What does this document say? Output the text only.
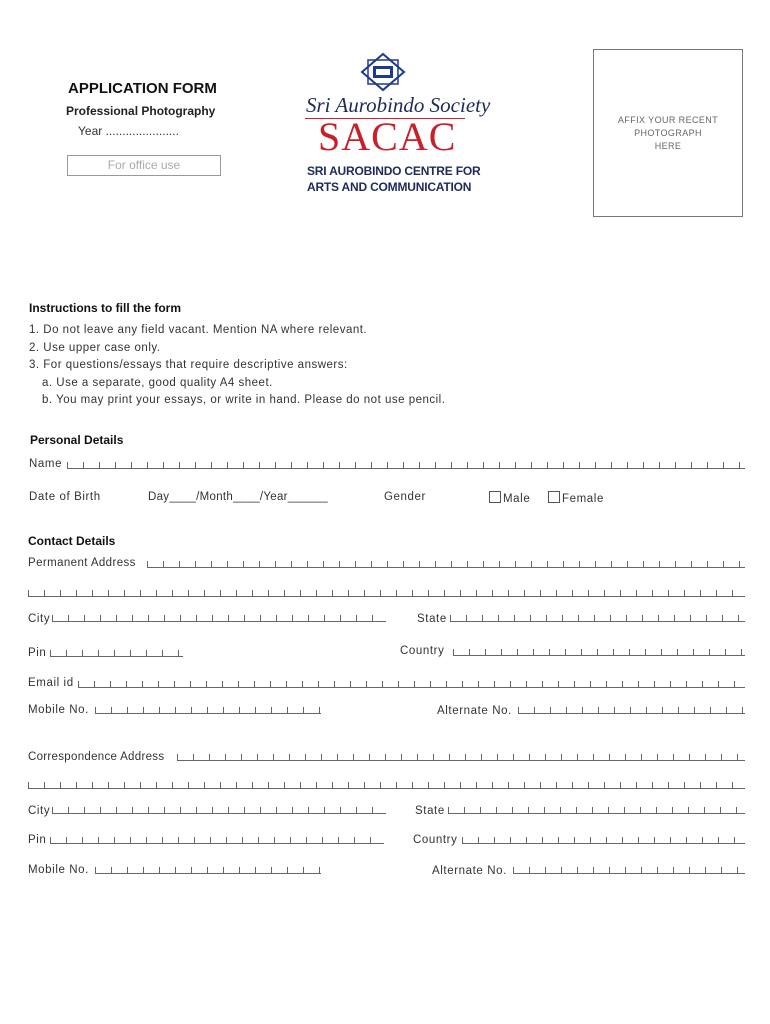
APPLICATION FORM
Professional Photography
Year ......................
For office use
Sri Aurobindo Society
SACAC
SRI AUROBINDO CENTRE FOR
ARTS AND COMMUNICATION
AFFIX YOUR RECENT
PHOTOGRAPH
HERE
Instructions to fill the form
1. Do not leave any field vacant. Mention NA where relevant.
2. Use upper case only.
3. For questions/essays that require descriptive answers:
a. Use a separate, good quality A4 sheet.
b. You may print your essays, or write in hand. Please do not use pencil.
Personal Details
Name
Date of Birth	Day____/Month____/Year______	Gender	Male	Female
Contact Details
Permanent Address
City	State
Pin	Country
Email id
Mobile No.	Alternate No.
Correspondence Address
City	State
Pin	Country
Mobile No.	Alternate No.
